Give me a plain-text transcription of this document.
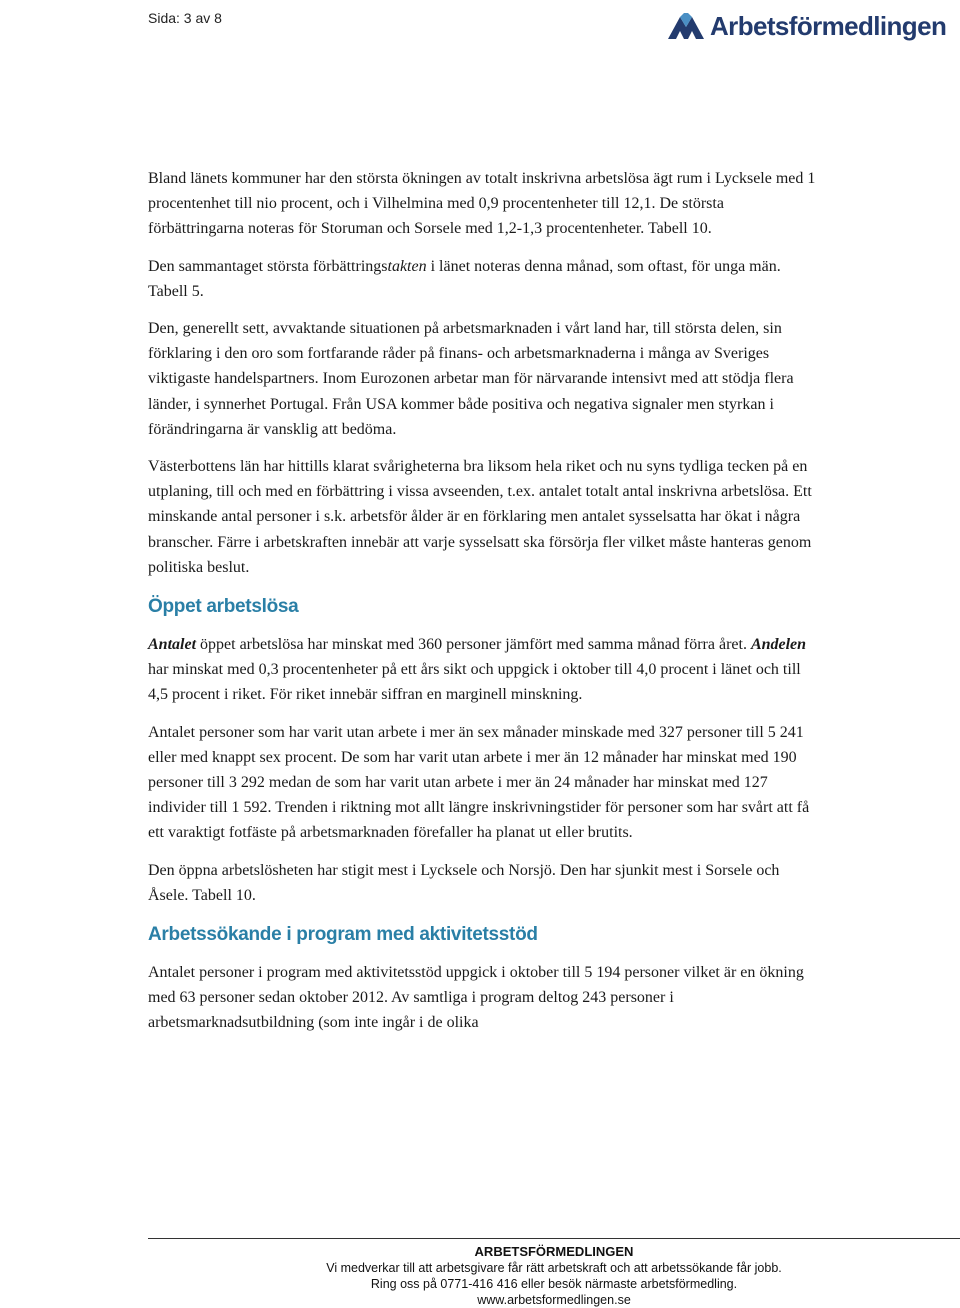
Sida: 3 av 8	Arbetsförmedlingen

Bland länets kommuner har den största ökningen av totalt inskrivna arbetslösa ägt rum i Lycksele med 1 procentenhet till nio procent, och i Vilhelmina med 0,9 procentenheter till 12,1. De största förbättringarna noteras för Storuman och Sorsele med 1,2-1,3 procentenheter. Tabell 10.

Den sammantaget största förbättringstakten i länet noteras denna månad, som oftast, för unga män. Tabell 5.

Den, generellt sett, avvaktande situationen på arbetsmarknaden i vårt land har, till största delen, sin förklaring i den oro som fortfarande råder på finans- och arbetsmarknaderna i många av Sveriges viktigaste handelspartners. Inom Eurozonen arbetar man för närvarande intensivt med att stödja flera länder, i synnerhet Portugal. Från USA kommer både positiva och negativa signaler men styrkan i förändringarna är vansklig att bedöma.

Västerbottens län har hittills klarat svårigheterna bra liksom hela riket och nu syns tydliga tecken på en utplaning, till och med en förbättring i vissa avseenden, t.ex. antalet totalt antal inskrivna arbetslösa. Ett minskande antal personer i s.k. arbetsför ålder är en förklaring men antalet sysselsatta har ökat i några branscher. Färre i arbetskraften innebär att varje sysselsatt ska försörja fler vilket måste hanteras genom politiska beslut.

Öppet arbetslösa

Antalet öppet arbetslösa har minskat med 360 personer jämfört med samma månad förra året. Andelen har minskat med 0,3 procentenheter på ett års sikt och uppgick i oktober till 4,0 procent i länet och till 4,5 procent i riket. För riket innebär siffran en marginell minskning.

Antalet personer som har varit utan arbete i mer än sex månader minskade med 327 personer till 5 241 eller med knappt sex procent. De som har varit utan arbete i mer än 12 månader har minskat med 190 personer till 3 292 medan de som har varit utan arbete i mer än 24 månader har minskat med 127 individer till 1 592. Trenden i riktning mot allt längre inskrivningstider för personer som har svårt att få ett varaktigt fotfäste på arbetsmarknaden förefaller ha planat ut eller brutits.

Den öppna arbetslösheten har stigit mest i Lycksele och Norsjö. Den har sjunkit mest i Sorsele och Åsele. Tabell 10.

Arbetssökande i program med aktivitetsstöd

Antalet personer i program med aktivitetsstöd uppgick i oktober till 5 194 personer vilket är en ökning med 63 personer sedan oktober 2012. Av samtliga i program deltog 243 personer i arbetsmarknadsutbildning (som inte ingår i de olika

ARBETSFÖRMEDLINGEN
Vi medverkar till att arbetsgivare får rätt arbetskraft och att arbetssökande får jobb.
Ring oss på 0771-416 416 eller besök närmaste arbetsförmedling.
www.arbetsformedlingen.se
